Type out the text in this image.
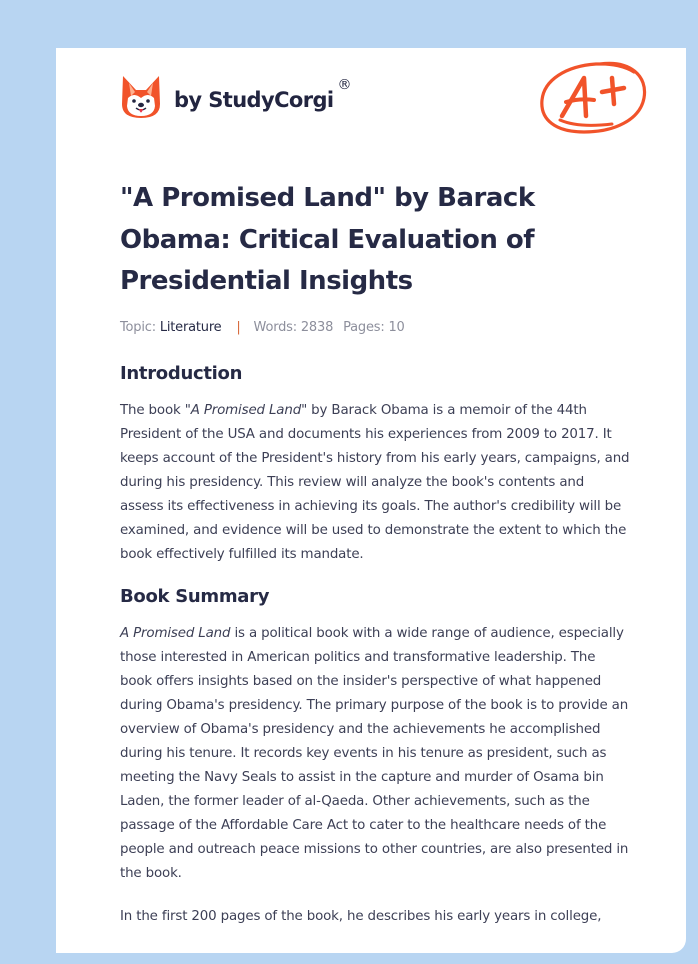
by StudyCorgi
®
"A Promised Land" by Barack Obama: Critical Evaluation of Presidential Insights
Topic: Literature | Words: 2838 Pages: 10
Introduction

The book "A Promised Land" by Barack Obama is a memoir of the 44th President of the USA and documents his experiences from 2009 to 2017. It keeps account of the President's history from his early years, campaigns, and during his presidency. This review will analyze the book's contents and assess its effectiveness in achieving its goals. The author's credibility will be examined, and evidence will be used to demonstrate the extent to which the book effectively fulfilled its mandate.

Book Summary

A Promised Land is a political book with a wide range of audience, especially those interested in American politics and transformative leadership. The book offers insights based on the insider's perspective of what happened during Obama's presidency. The primary purpose of the book is to provide an overview of Obama's presidency and the achievements he accomplished during his tenure. It records key events in his tenure as president, such as meeting the Navy Seals to assist in the capture and murder of Osama bin Laden, the former leader of al-Qaeda. Other achievements, such as the passage of the Affordable Care Act to cater to the healthcare needs of the people and outreach peace missions to other countries, are also presented in the book.

In the first 200 pages of the book, he describes his early years in college,
